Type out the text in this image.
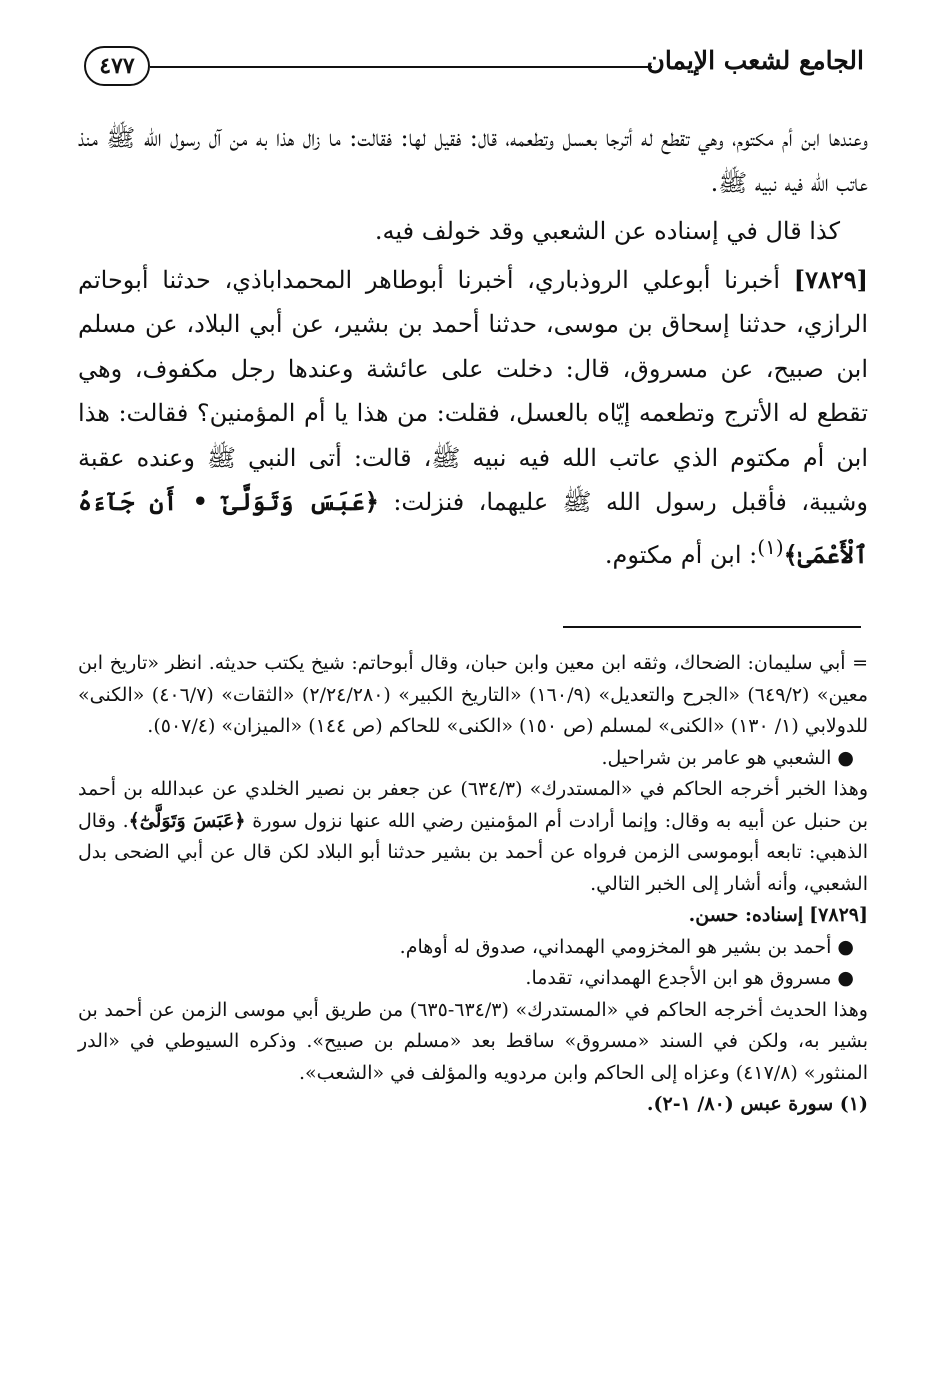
الجامع لشعب الإيمان
٤٧٧

وعندها ابن أم مكتوم، وهي تقطع له أترجا بعسل وتطعمه، قال: فقيل لها: فقالت: ما زال هذا به من آل رسول الله ﷺ منذ عاتب الله فيه نبيه ﷺ.

كذا قال في إسناده عن الشعبي وقد خولف فيه.

[٧٨٢٩] أخبرنا أبوعلي الروذباري، أخبرنا أبوطاهر المحمداباذي، حدثنا أبوحاتم الرازي، حدثنا إسحاق بن موسى، حدثنا أحمد بن بشير، عن أبي البلاد، عن مسلم ابن صبيح، عن مسروق، قال: دخلت على عائشة وعندها رجل مكفوف، وهي تقطع له الأترج وتطعمه إيّاه بالعسل، فقلت: من هذا يا أم المؤمنين؟ فقالت: هذا ابن أم مكتوم الذي عاتب الله فيه نبيه ﷺ، قالت: أتى النبي ﷺ وعنده عقبة وشيبة، فأقبل رسول الله ﷺ عليهما، فنزلت: ﴿عَبَسَ وَتَوَلَّىٰٓ • أَن جَآءَهُ ٱلْأَعْمَىٰ﴾$^{(١)}$: ابن أم مكتوم.

= أبي سليمان: الضحاك، وثقه ابن معين وابن حبان، وقال أبوحاتم: شيخ يكتب حديثه. انظر «تاريخ ابن معين» (٦٤٩/٢) «الجرح والتعديل» (١٦٠/٩) «التاريخ الكبير» (٢/٢٤/٢٨٠) «الثقات» (٤٠٦/٧) «الكنى» للدولابي (١/ ١٣٠) «الكنى» لمسلم (ص ١٥٠) «الكنى» للحاكم (ص ١٤٤) «الميزان» (٥٠٧/٤).

● الشعبي هو عامر بن شراحيل.

وهذا الخبر أخرجه الحاكم في «المستدرك» (٦٣٤/٣) عن جعفر بن نصير الخلدي عن عبدالله بن أحمد بن حنبل عن أبيه به وقال: وإنما أرادت أم المؤمنين رضي الله عنها نزول سورة ﴿عَبَسَ وَتَوَلَّىٰٓ﴾. وقال الذهبي: تابعه أبوموسى الزمن فرواه عن أحمد بن بشير حدثنا أبو البلاد لكن قال عن أبي الضحى بدل الشعبي، وأنه أشار إلى الخبر التالي.

[٧٨٢٩] إسناده: حسن.

● أحمد بن بشير هو المخزومي الهمداني، صدوق له أوهام.

● مسروق هو ابن الأجدع الهمداني، تقدما.

وهذا الحديث أخرجه الحاكم في «المستدرك» (٦٣٤/٣-٦٣٥) من طريق أبي موسى الزمن عن أحمد بن بشير به، ولكن في السند «مسروق» ساقط بعد «مسلم بن صبيح». وذكره السيوطي في «الدر المنثور» (٤١٧/٨) وعزاه إلى الحاكم وابن مردويه والمؤلف في «الشعب».

(١) سورة عبس (٨٠/ ١-٢).
